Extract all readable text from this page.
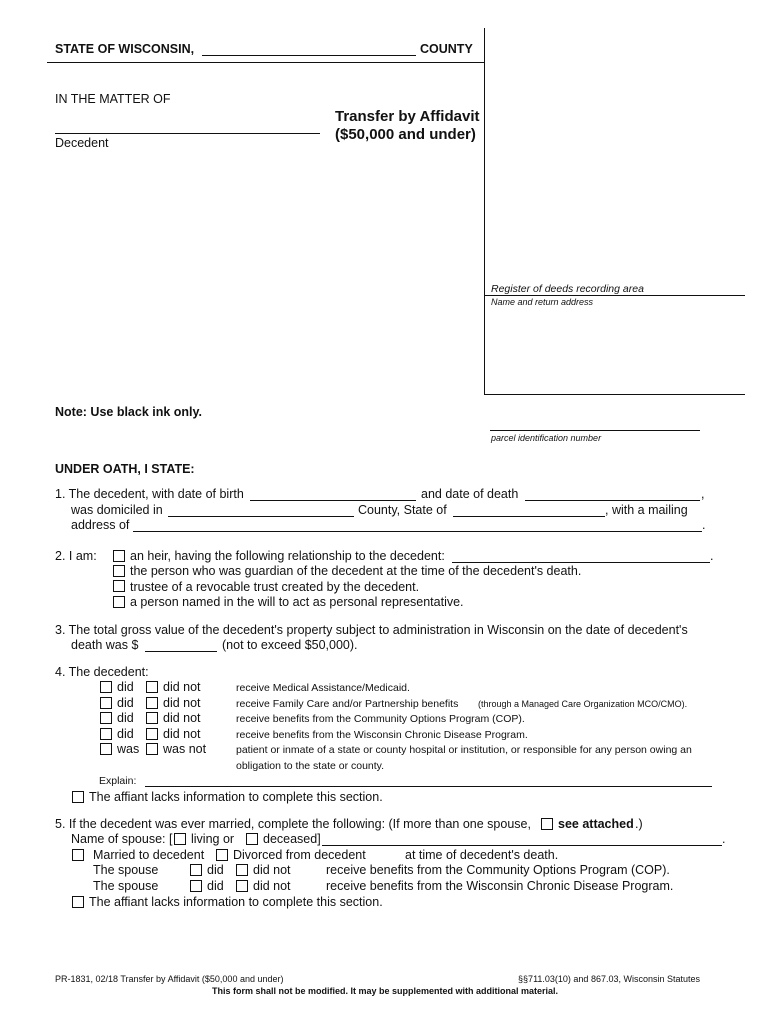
STATE OF WISCONSIN,	COUNTY
IN THE MATTER OF
Decedent
Transfer by Affidavit
($50,000 and under)
Register of deeds recording area
Name and return address
Note: Use black ink only.
parcel identification number
UNDER OATH, I STATE:
1. The decedent, with date of birth	and date of death	,
was domiciled in	County, State of	, with a mailing
address of	.
2. I am:	an heir, having the following relationship to the decedent:	.
the person who was guardian of the decedent at the time of the decedent's death.
trustee of a revocable trust created by the decedent.
a person named in the will to act as personal representative.
3. The total gross value of the decedent's property subject to administration in Wisconsin on the date of decedent's
death was $	(not to exceed $50,000).
4. The decedent:
did did not	receive Medical Assistance/Medicaid.
did did not	receive Family Care and/or Partnership benefits (through a Managed Care Organization MCO/CMO).
did did not	receive benefits from the Community Options Program (COP).
did did not	receive benefits from the Wisconsin Chronic Disease Program.
was was not	patient or inmate of a state or county hospital or institution, or responsible for any person owing an
obligation to the state or county.
Explain:
The affiant lacks information to complete this section.
5. If the decedent was ever married, complete the following: (If more than one spouse, see attached .)
Name of spouse: [ living or deceased]	.
Married to decedent Divorced from decedent	at time of decedent's death.
The spouse	did did not	receive benefits from the Community Options Program (COP).
The spouse	did did not	receive benefits from the Wisconsin Chronic Disease Program.
The affiant lacks information to complete this section.
PR-1831, 02/18 Transfer by Affidavit ($50,000 and under)	§§711.03(10) and 867.03, Wisconsin Statutes
This form shall not be modified. It may be supplemented with additional material.
